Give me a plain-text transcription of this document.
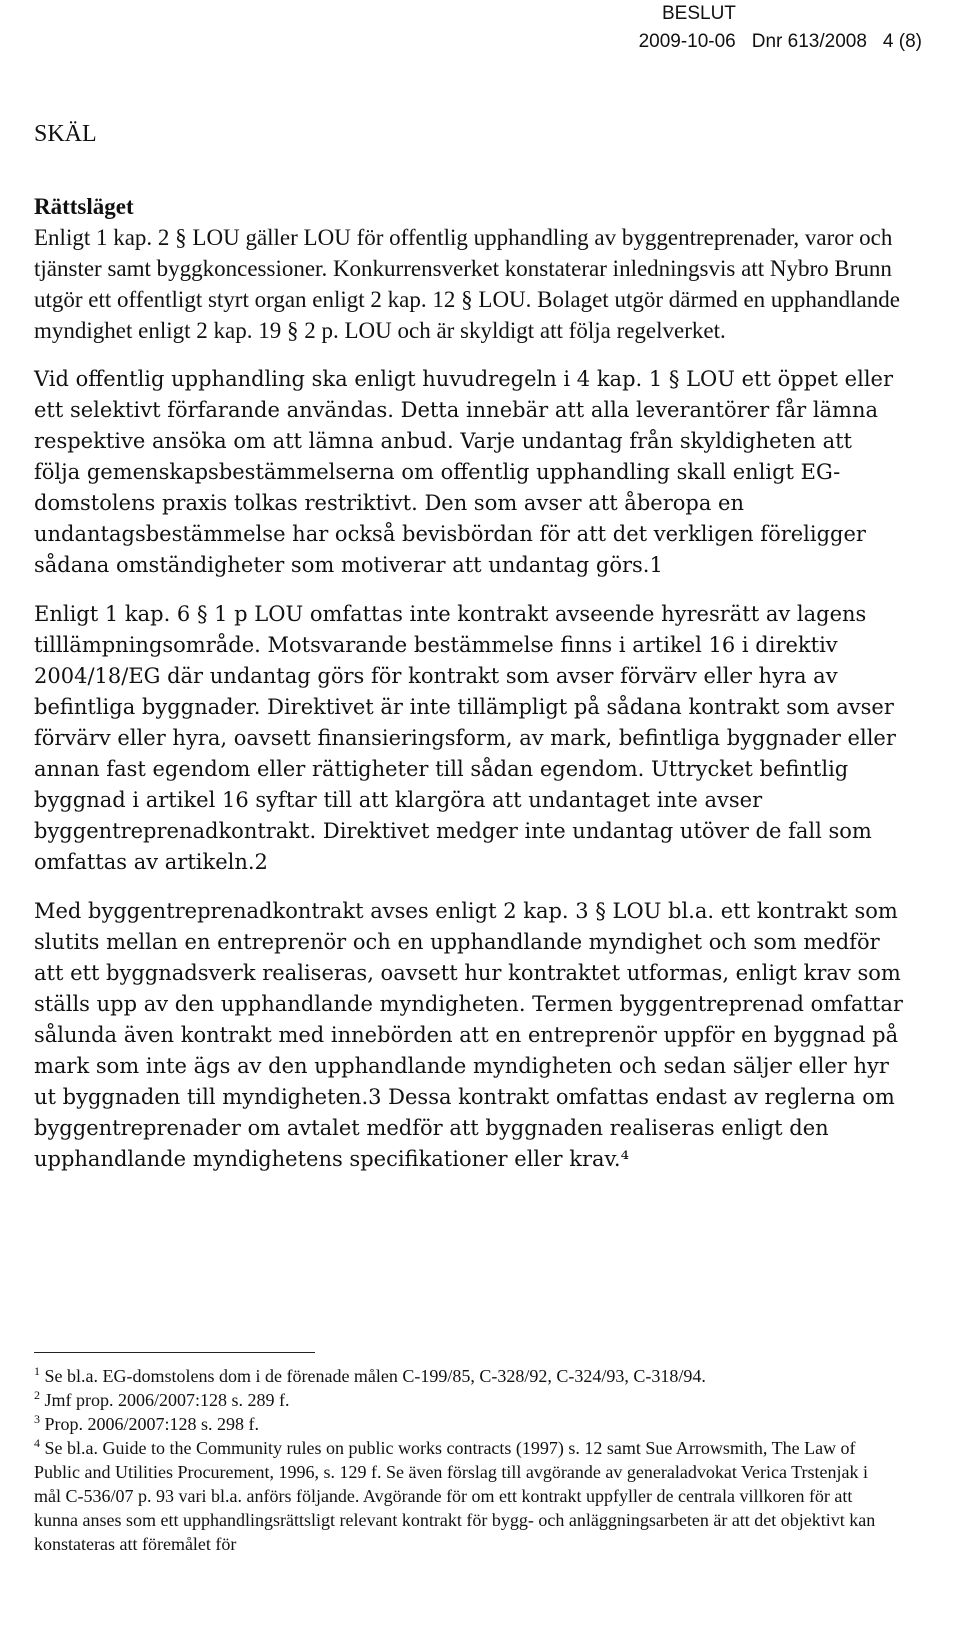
BESLUT
2009-10-06 Dnr 613/2008 4 (8)
SKÄL
Rättsläget

Enligt 1 kap. 2 § LOU gäller LOU för offentlig upphandling av byggentreprenader, varor och tjänster samt byggkoncessioner. Konkurrensverket konstaterar inledningsvis att Nybro Brunn utgör ett offentligt styrt organ enligt 2 kap. 12 § LOU. Bolaget utgör därmed en upphandlande myndighet enligt 2 kap. 19 § 2 p. LOU och är skyldigt att följa regelverket.

Vid offentlig upphandling ska enligt huvudregeln i 4 kap. 1 § LOU ett öppet eller ett selektivt förfarande användas. Detta innebär att alla leverantörer får lämna respektive ansöka om att lämna anbud. Varje undantag från skyldigheten att följa gemenskapsbestämmelserna om offentlig upphandling skall enligt EG-domstolens praxis tolkas restriktivt. Den som avser att åberopa en undantagsbestämmelse har också bevisbördan för att det verkligen föreligger sådana omständigheter som motiverar att undantag görs.1

Enligt 1 kap. 6 § 1 p LOU omfattas inte kontrakt avseende hyresrätt av lagens tilllämpningsområde. Motsvarande bestämmelse finns i artikel 16 i direktiv 2004/18/EG där undantag görs för kontrakt som avser förvärv eller hyra av befintliga byggnader. Direktivet är inte tillämpligt på sådana kontrakt som avser förvärv eller hyra, oavsett finansieringsform, av mark, befintliga byggnader eller annan fast egendom eller rättigheter till sådan egendom. Uttrycket befintlig byggnad i artikel 16 syftar till att klargöra att undantaget inte avser byggentreprenadkontrakt. Direktivet medger inte undantag utöver de fall som omfattas av artikeln.2

Med byggentreprenadkontrakt avses enligt 2 kap. 3 § LOU bl.a. ett kontrakt som slutits mellan en entreprenör och en upphandlande myndighet och som medför att ett byggnadsverk realiseras, oavsett hur kontraktet utformas, enligt krav som ställs upp av den upphandlande myndigheten. Termen byggentreprenad omfattar sålunda även kontrakt med innebörden att en entreprenör uppför en byggnad på mark som inte ägs av den upphandlande myndigheten och sedan säljer eller hyr ut byggnaden till myndigheten.3 Dessa kontrakt omfattas endast av reglerna om byggentreprenader om avtalet medför att byggnaden realiseras enligt den upphandlande myndighetens specifikationer eller krav.⁴

$^1$ Se bl.a. EG-domstolens dom i de förenade målen C-199/85, C-328/92, C-324/93, C-318/94.

$^2$ Jmf prop. 2006/2007:128 s. 289 f.

$^3$ Prop. 2006/2007:128 s. 298 f.

$^4$ Se bl.a. Guide to the Community rules on public works contracts (1997) s. 12 samt Sue Arrowsmith, The Law of Public and Utilities Procurement, 1996, s. 129 f. Se även förslag till avgörande av generaladvokat Verica Trstenjak i mål C-536/07 p. 93 vari bl.a. anförs följande. Avgörande för om ett kontrakt uppfyller de centrala villkoren för att kunna anses som ett upphandlingsrättsligt relevant kontrakt för bygg- och anläggningsarbeten är att det objektivt kan konstateras att föremålet för
